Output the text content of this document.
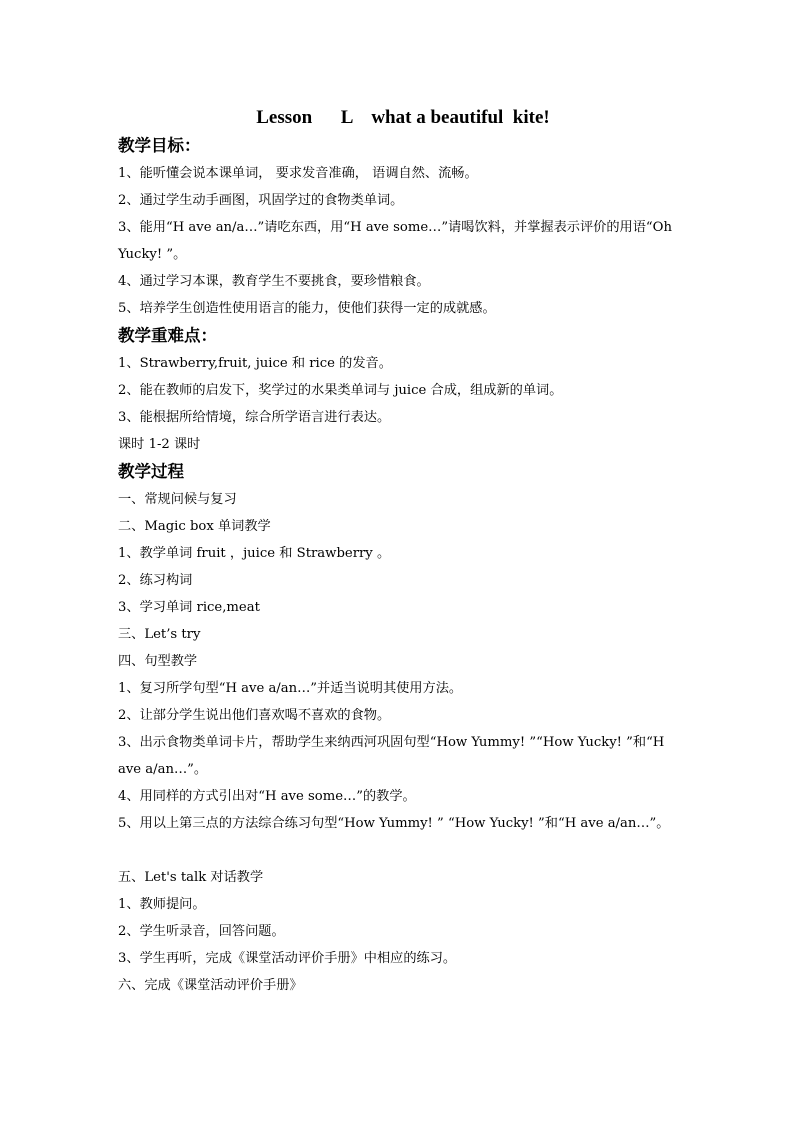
Lesson      L    what a beautiful  kite!
教学目标：
1、能听懂会说本课单词， 要求发音准确， 语调自然、流畅。
2、通过学生动手画图，巩固学过的食物类单词。
3、能用“H ave an/a…”请吃东西，用“H ave some…”请喝饮料，并掌握表示评价的用语“Oh Yucky! ”。
4、通过学习本课，教育学生不要挑食，要珍惜粮食。
5、培养学生创造性使用语言的能力，使他们获得一定的成就感。
教学重难点：
1、Strawberry,fruit, juice 和 rice 的发音。
2、能在教师的启发下，奖学过的水果类单词与 juice 合成，组成新的单词。
3、能根据所给情境，综合所学语言进行表达。
课时 1-2 课时
教学过程
一、常规问候与复习
二、Magic box 单词教学
1、教学单词 fruit ，juice 和 Strawberry 。
2、练习构词
3、学习单词 rice,meat
三、Let’s try
四、句型教学
1、复习所学句型“H ave a/an…”并适当说明其使用方法。
2、让部分学生说出他们喜欢喝不喜欢的食物。
3、出示食物类单词卡片，帮助学生来纳西河巩固句型“How Yummy! ”“How Yucky! ”和“H ave a/an…”。
4、用同样的方式引出对“H ave some…”的教学。
5、用以上第三点的方法综合练习句型“How Yummy! ” “How Yucky! ”和“H ave a/an…”。
五、Let's talk 对话教学
1、教师提问。
2、学生听录音，回答问题。
3、学生再听，完成《课堂活动评价手册》中相应的练习。
六、完成《课堂活动评价手册》
